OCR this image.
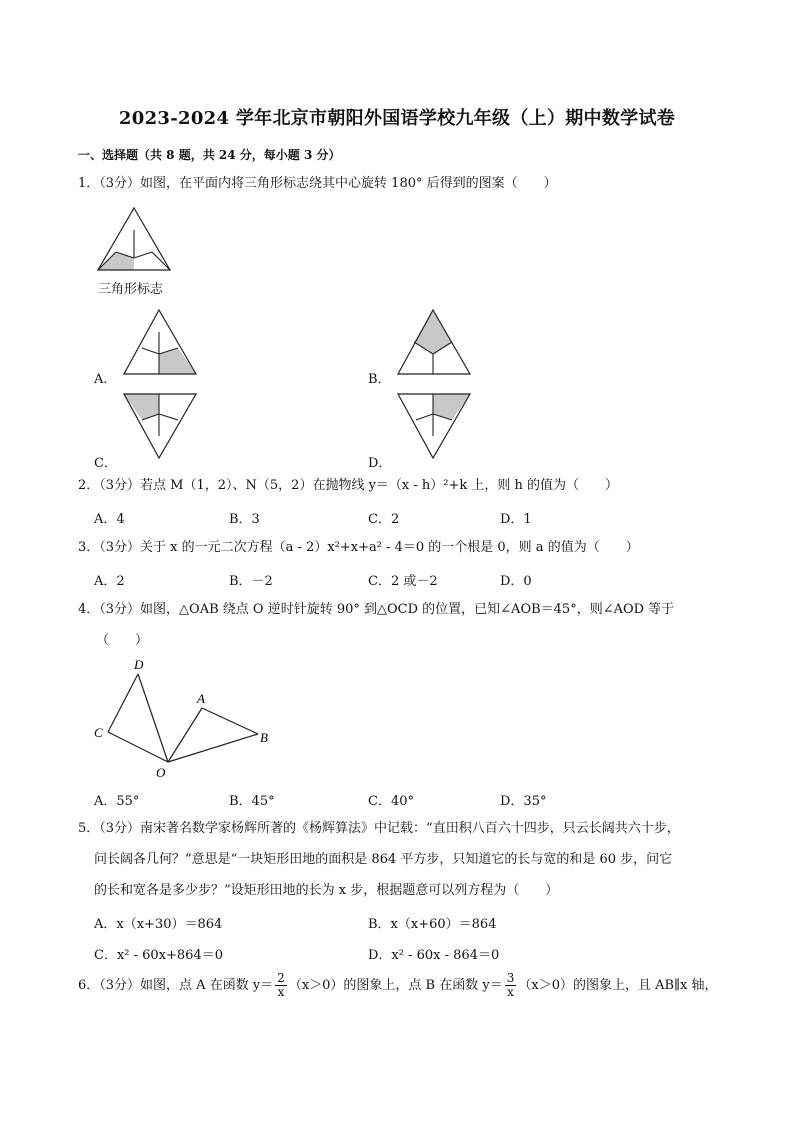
2023-2024 学年北京市朝阳外国语学校九年级（上）期中数学试卷
一、选择题（共 8 题，共 24 分，每小题 3 分）
1．（3分）如图，在平面内将三角形标志绕其中心旋转 180° 后得到的图案（　　）
三角形标志
A．	B．
C．	D．
2．（3分）若点 M（1，2）、N（5，2）在抛物线 y＝（x - h）²+k 上，则 h 的值为（　　）
A．4	B．3	C．2	D．1
3．（3分）关于 x 的一元二次方程（a - 2）x²+x+a² - 4＝0 的一个根是 0，则 a 的值为（　　）
A．2	B．－2	C．2 或－2	D．0
4．（3分）如图，△OAB 绕点 O 逆时针旋转 90° 到△OCD 的位置，已知∠AOB＝45°，则∠AOD 等于
（　　）
D
A
C	B
O
A．55°	B．45°	C．40°	D．35°
5．（3分）南宋著名数学家杨辉所著的《杨辉算法》中记载：“直田积八百六十四步，只云长阔共六十步，
问长阔各几何？”意思是“一块矩形田地的面积是 864 平方步，只知道它的长与宽的和是 60 步，问它
的长和宽各是多少步？”设矩形田地的长为 x 步，根据题意可以列方程为（　　）
A．x（x+30）＝864	B．x（x+60）＝864
C．x² - 60x+864＝0	D．x² - 60x - 864＝0
6．（3分）如图，点 A 在函数 $y= \frac{2}{x} (x>0)$的图象上，点 B 在函数 $y= \frac{3}{x} (x>0)$的图象上，且 AB∥x 轴，
